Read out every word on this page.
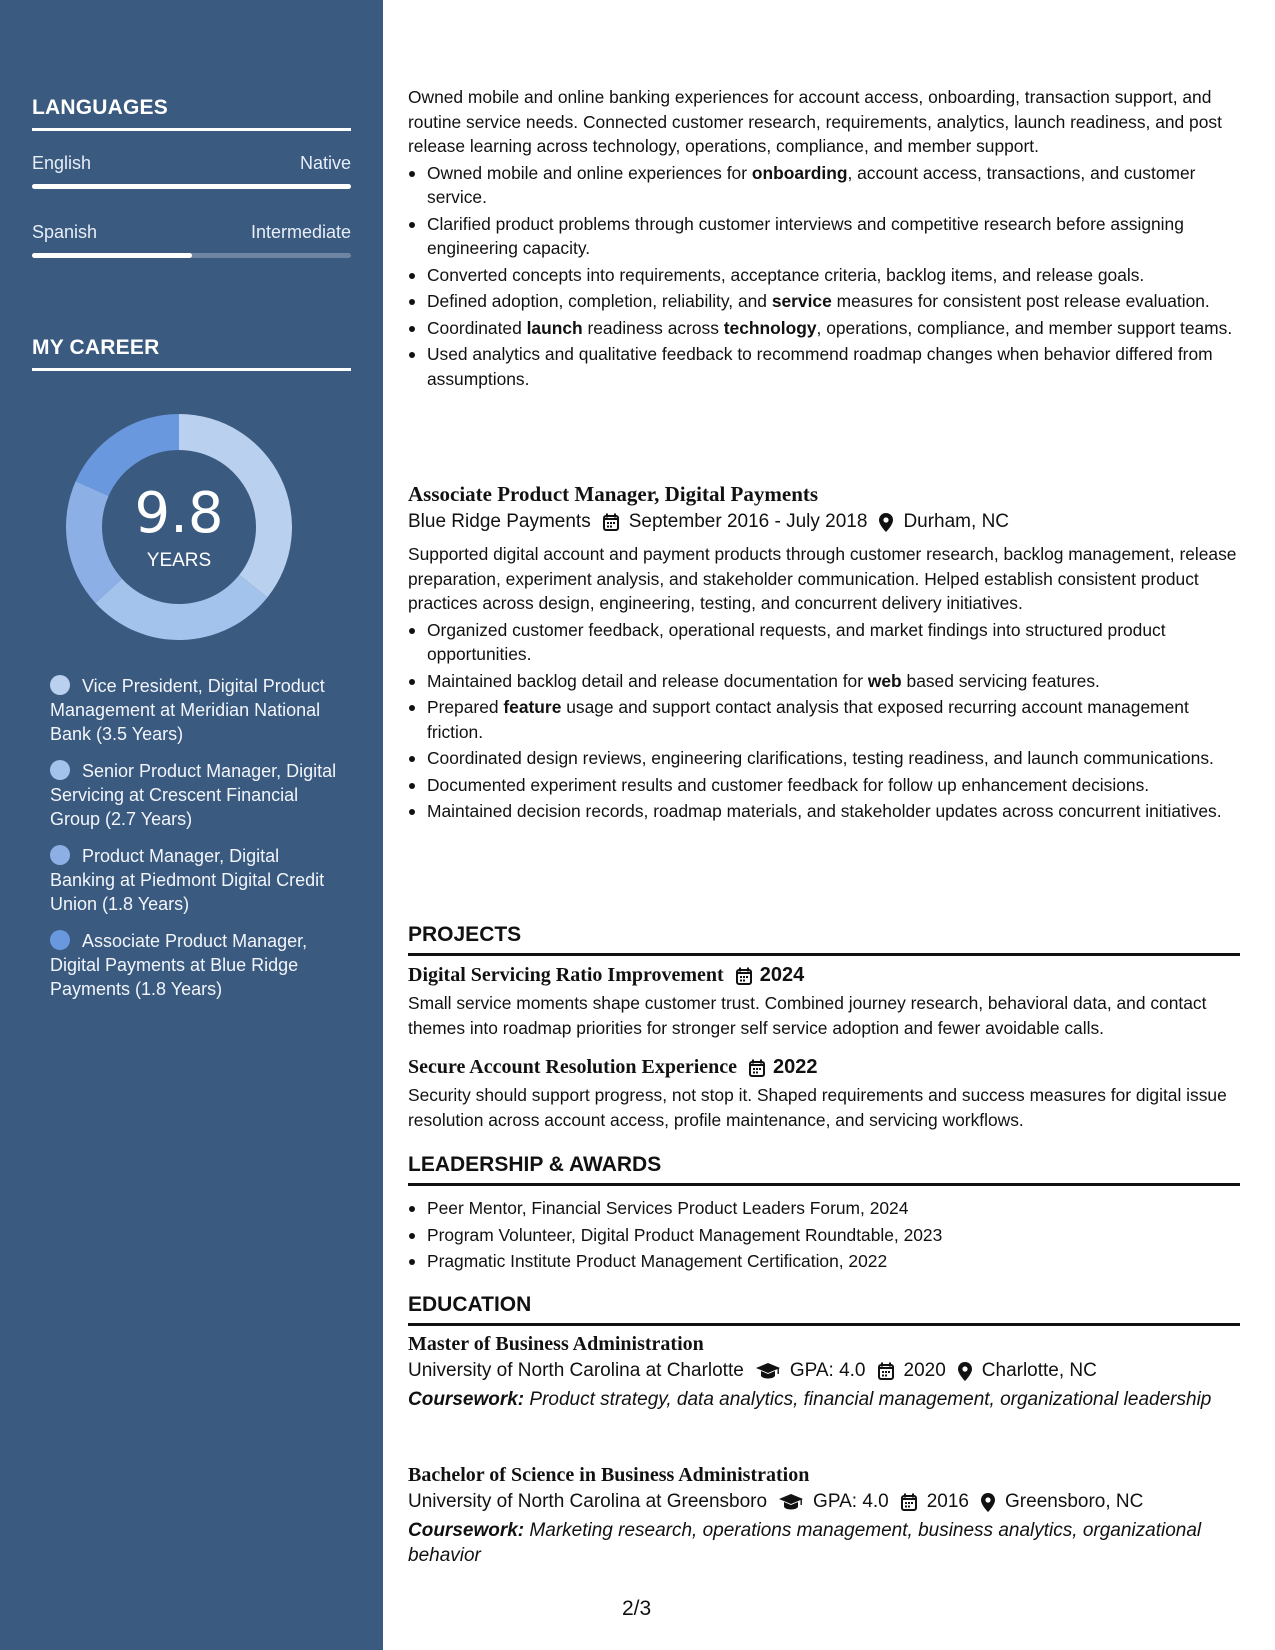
LANGUAGES
English	Native
Spanish	Intermediate
MY CAREER
9.8
YEARS
Vice President, Digital Product Management at Meridian National Bank (3.5 Years)
Senior Product Manager, Digital Servicing at Crescent Financial Group (2.7 Years)
Product Manager, Digital Banking at Piedmont Digital Credit Union (1.8 Years)
Associate Product Manager, Digital Payments at Blue Ridge Payments (1.8 Years)

Owned mobile and online banking experiences for account access, onboarding, transaction support, and routine service needs. Connected customer research, requirements, analytics, launch readiness, and post release learning across technology, operations, compliance, and member support.

Owned mobile and online experiences for onboarding, account access, transactions, and customer service.
Clarified product problems through customer interviews and competitive research before assigning engineering capacity.
Converted concepts into requirements, acceptance criteria, backlog items, and release goals.
Defined adoption, completion, reliability, and service measures for consistent post release evaluation.
Coordinated launch readiness across technology, operations, compliance, and member support teams.
Used analytics and qualitative feedback to recommend roadmap changes when behavior differed from assumptions.
Associate Product Manager, Digital Payments
Blue Ridge Payments September 2016 - July 2018 Durham, NC

Supported digital account and payment products through customer research, backlog management, release preparation, experiment analysis, and stakeholder communication. Helped establish consistent product practices across design, engineering, testing, and concurrent delivery initiatives.

Organized customer feedback, operational requests, and market findings into structured product opportunities.
Maintained backlog detail and release documentation for web based servicing features.
Prepared feature usage and support contact analysis that exposed recurring account management friction.
Coordinated design reviews, engineering clarifications, testing readiness, and launch communications.
Documented experiment results and customer feedback for follow up enhancement decisions.
Maintained decision records, roadmap materials, and stakeholder updates across concurrent initiatives.
PROJECTS
Digital Servicing Ratio Improvement 2024

Small service moments shape customer trust. Combined journey research, behavioral data, and contact themes into roadmap priorities for stronger self service adoption and fewer avoidable calls.

Secure Account Resolution Experience 2022

Security should support progress, not stop it. Shaped requirements and success measures for digital issue resolution across account access, profile maintenance, and servicing workflows.

LEADERSHIP & AWARDS
Peer Mentor, Financial Services Product Leaders Forum, 2024
Program Volunteer, Digital Product Management Roundtable, 2023
Pragmatic Institute Product Management Certification, 2022
EDUCATION
Master of Business Administration
University of North Carolina at Charlotte GPA: 4.0 2020 Charlotte, NC

Coursework: Product strategy, data analytics, financial management, organizational leadership

Bachelor of Science in Business Administration
University of North Carolina at Greensboro GPA: 4.0 2016 Greensboro, NC

Coursework: Marketing research, operations management, business analytics, organizational behavior

2/3
